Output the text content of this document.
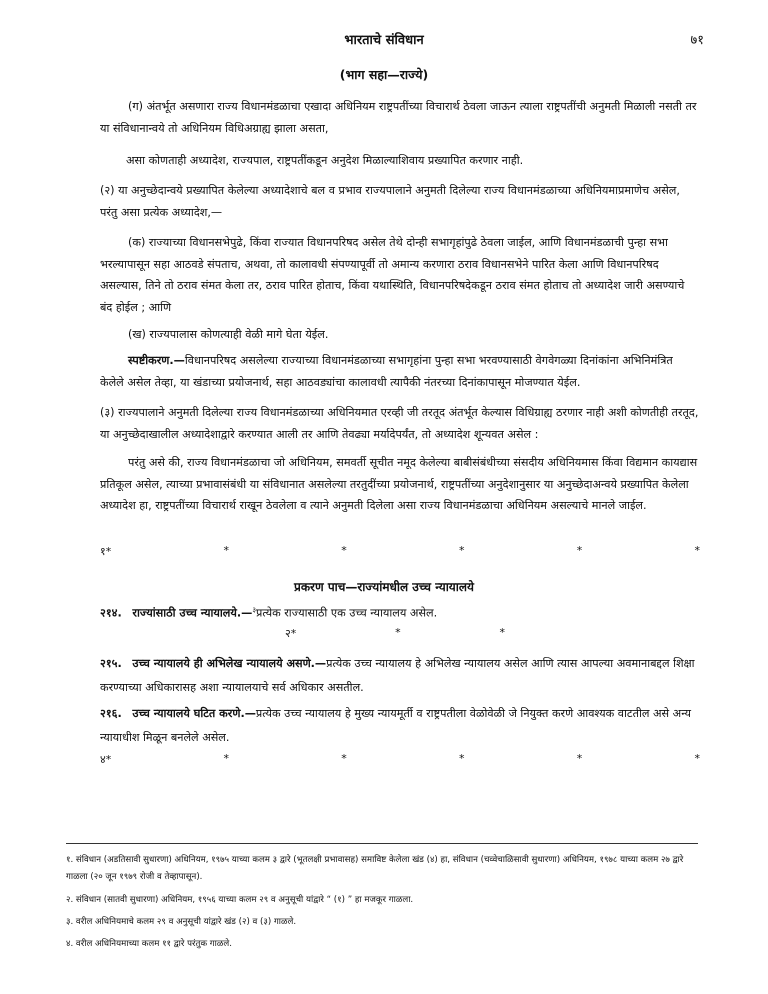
भारताचे संविधान	७१
(भाग सहा—राज्ये)
(ग) अंतर्भूत असणारा राज्य विधानमंडळाचा एखादा अधिनियम राष्ट्रपतींच्या विचारार्थ ठेवला जाऊन त्याला राष्ट्रपतींची अनुमती मिळाली नसती तर या संविधानान्वये तो अधिनियम विधिअग्राह्य झाला असता,
असा कोणताही अध्यादेश, राज्यपाल, राष्ट्रपतींकडून अनुदेश मिळाल्याशिवाय प्रख्यापित करणार नाही.
(२) या अनुच्छेदान्वये प्रख्यापित केलेल्या अध्यादेशाचे बल व प्रभाव राज्यपालाने अनुमती दिलेल्या राज्य विधानमंडळाच्या अधिनियमाप्रमाणेच असेल, परंतु असा प्रत्येक अध्यादेश,—
(क) राज्याच्या विधानसभेपुढे, किंवा राज्यात विधानपरिषद असेल तेथे दोन्ही सभागृहांपुढे ठेवला जाईल, आणि विधानमंडळाची पुन्हा सभा भरल्यापासून सहा आठवडे संपताच, अथवा, तो कालावधी संपण्यापूर्वी तो अमान्य करणारा ठराव विधानसभेने पारित केला आणि विधानपरिषद असल्यास, तिने तो ठराव संमत केला तर, ठराव पारित होताच, किंवा यथास्थिति, विधानपरिषदेकडून ठराव संमत होताच तो अध्यादेश जारी असण्याचे बंद होईल ; आणि
(ख) राज्यपालास कोणत्याही वेळी मागे घेता येईल.
स्पष्टीकरण.—विधानपरिषद असलेल्या राज्याच्या विधानमंडळाच्या सभागृहांना पुन्हा सभा भरवण्यासाठी वेगवेगळ्या दिनांकांना अभिनिमंत्रित केलेले असेल तेव्हा, या खंडाच्या प्रयोजनार्थ, सहा आठवड्यांचा कालावधी त्यापैकी नंतरच्या दिनांकापासून मोजण्यात येईल.
(३) राज्यपालाने अनुमती दिलेल्या राज्य विधानमंडळाच्या अधिनियमात एरव्ही जी तरतूद अंतर्भूत केल्यास विधिग्राह्य ठरणार नाही अशी कोणतीही तरतूद, या अनुच्छेदाखालील अध्यादेशाद्वारे करण्यात आली तर आणि तेवढ्या मर्यादेपर्यंत, तो अध्यादेश शून्यवत असेल :
परंतु असे की, राज्य विधानमंडळाचा जो अधिनियम, समवर्ती सूचीत नमूद केलेल्या बाबीसंबंधीच्या संसदीय अधिनियमास किंवा विद्यमान कायद्यास प्रतिकूल असेल, त्याच्या प्रभावासंबंधी या संविधानात असलेल्या तरतुदींच्या प्रयोजनार्थ, राष्ट्रपतींच्या अनुदेशानुसार या अनुच्छेदाअन्वये प्रख्यापित केलेला अध्यादेश हा, राष्ट्रपतींच्या विचारार्थ राखून ठेवलेला व त्याने अनुमती दिलेला असा राज्य विधानमंडळाचा अधिनियम असल्याचे मानले जाईल.
१*	*	*	*	*	*
प्रकरण पाच—राज्यांमधील उच्च न्यायालये
२१४. राज्यांसाठी उच्च न्यायालये.—$^३$प्रत्येक राज्यासाठी एक उच्च न्यायालय असेल.
२*	*	*
२१५. उच्च न्यायालये ही अभिलेख न्यायालये असणे.—प्रत्येक उच्च न्यायालय हे अभिलेख न्यायालय असेल आणि त्यास आपल्या अवमानाबद्दल शिक्षा करण्याच्या अधिकारासह अशा न्यायालयाचे सर्व अधिकार असतील.
२१६. उच्च न्यायालये घटित करणे.—प्रत्येक उच्च न्यायालय हे मुख्य न्यायमूर्ती व राष्ट्रपतीला वेळोवेळी जे नियुक्त करणे आवश्यक वाटतील असे अन्य न्यायाधीश मिळून बनलेले असेल.
४*	*	*	*	*	*
१. संविधान (अडतिसावी सुधारणा) अधिनियम, १९७५ याच्या कलम ३ द्वारे (भूतलक्षी प्रभावासह) समाविष्ट केलेला खंड (४) हा, संविधान (चव्वेचाळिसावी सुधारणा) अधिनियम, १९७८ याच्या कलम २७ द्वारे गाळला (२० जून १९७९ रोजी व तेव्हापासून).
२. संविधान (सातवी सुधारणा) अधिनियम, १९५६ याच्या कलम २९ व अनुसूची यांद्वारे “ (१) ” हा मजकूर गाळला.
३. वरील अधिनियमाचे कलम २९ व अनुसूची यांद्वारे खंड (२) व (३) गाळले.
४. वरील अधिनियमाच्या कलम ११ द्वारे परंतुक गाळले.
